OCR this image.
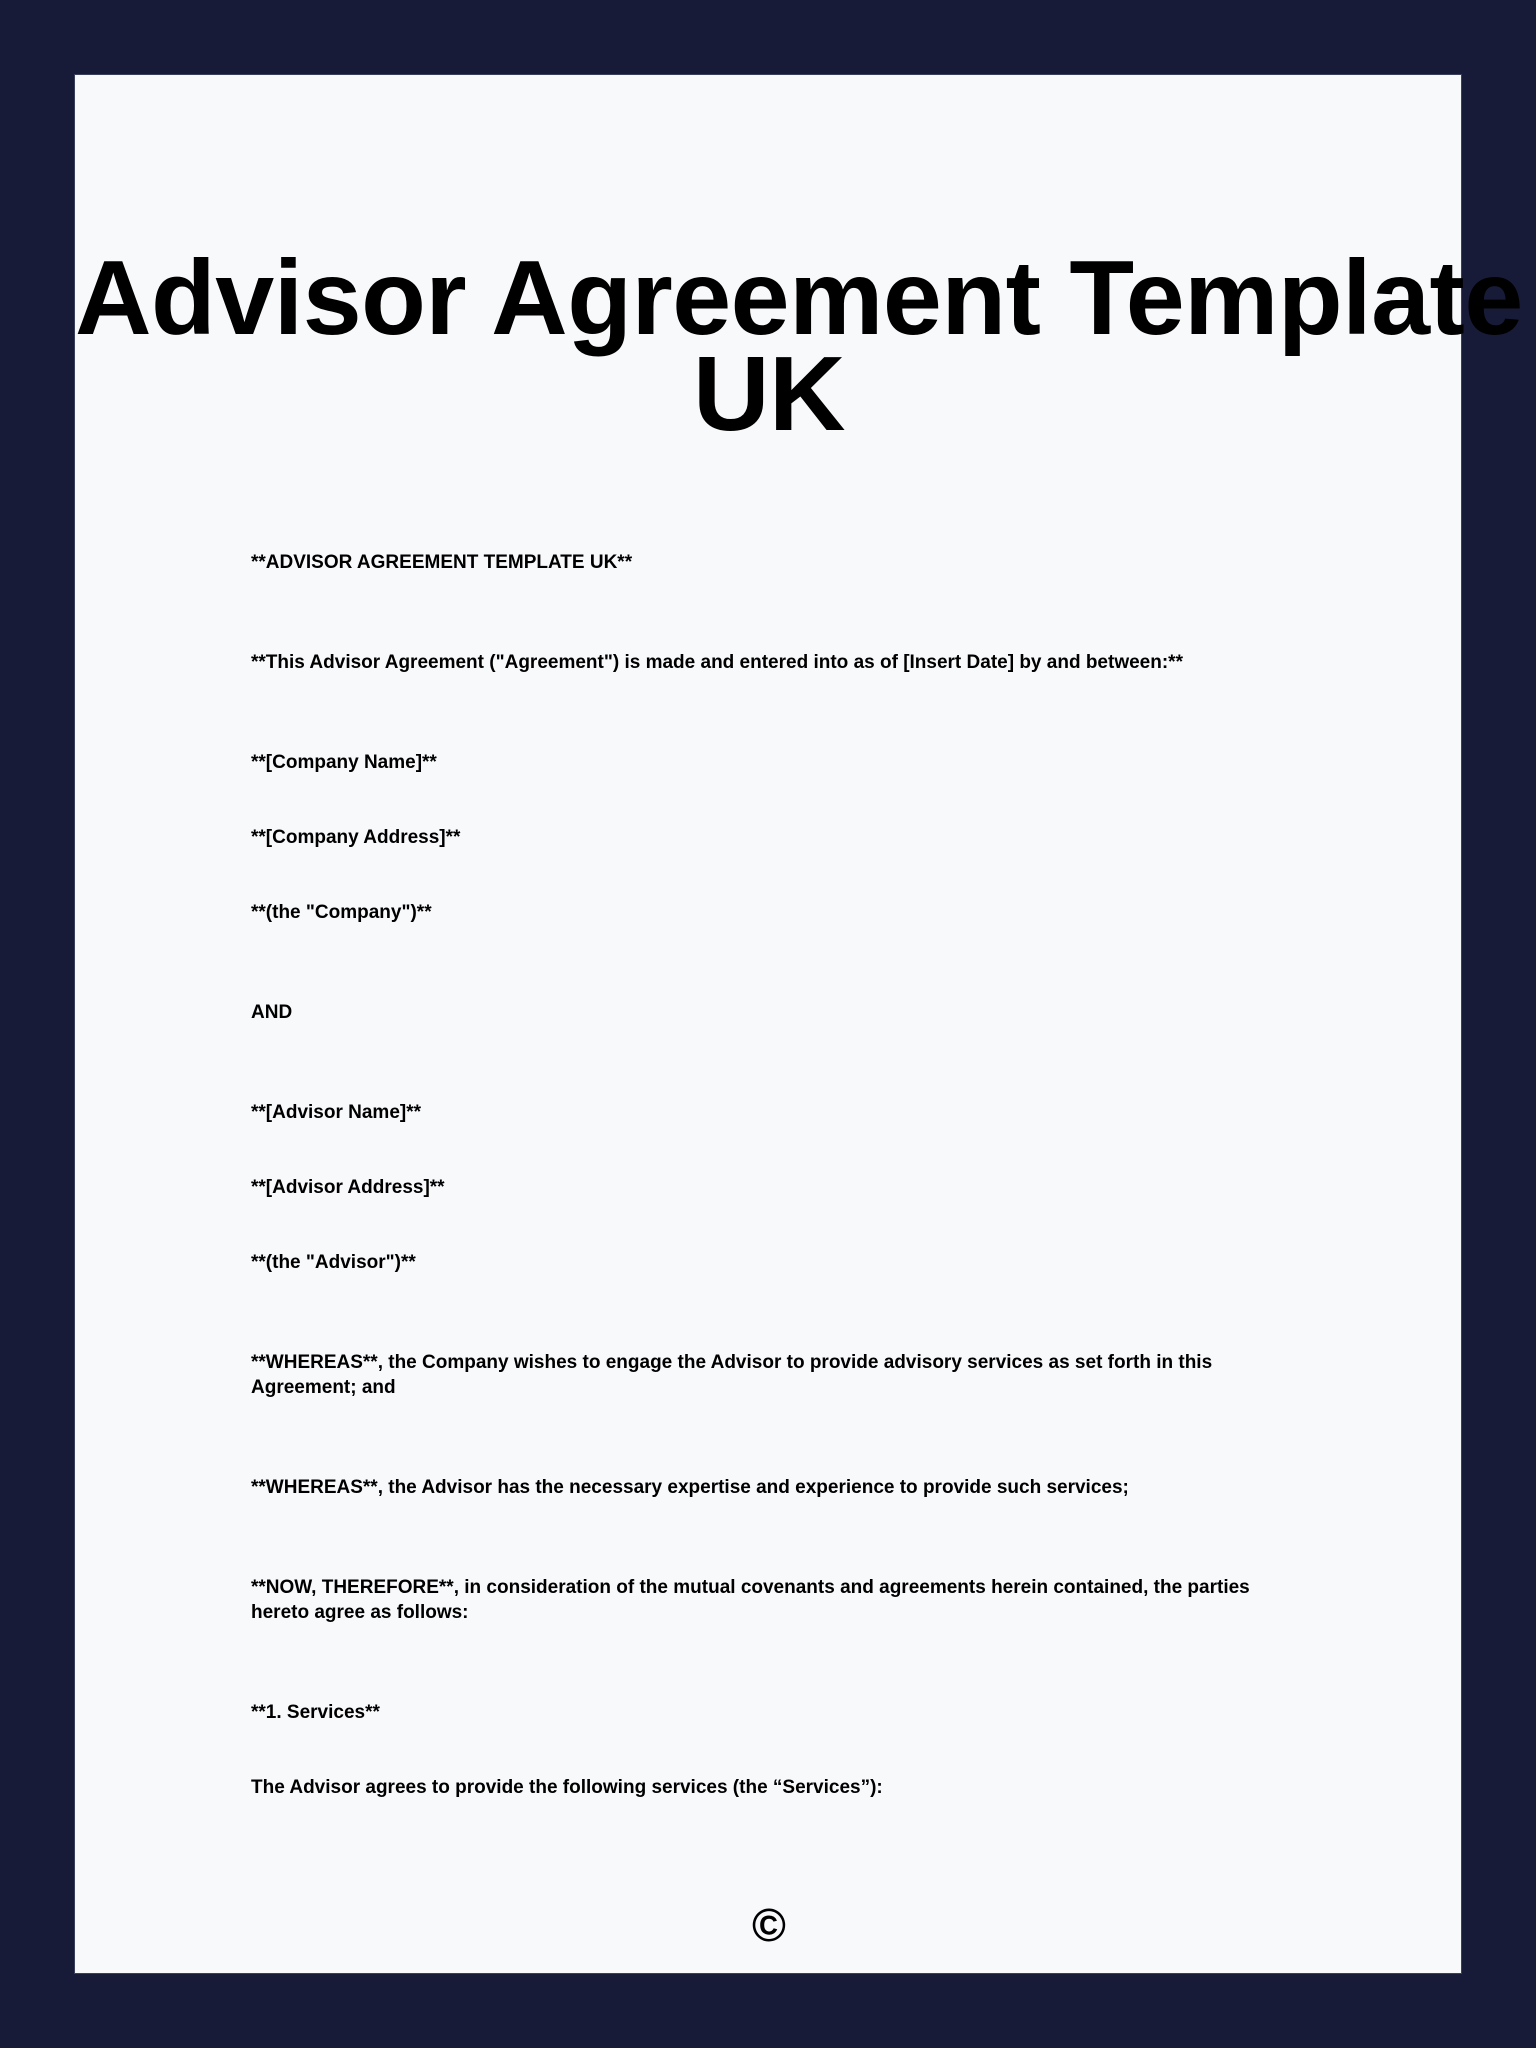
Advisor Agreement Template
UK

**ADVISOR AGREEMENT TEMPLATE UK**

**This Advisor Agreement ("Agreement") is made and entered into as of [Insert Date] by and between:**

**[Company Name]**

**[Company Address]**

**(the "Company")**

AND

**[Advisor Name]**

**[Advisor Address]**

**(the "Advisor")**

**WHEREAS**, the Company wishes to engage the Advisor to provide advisory services as set forth in this Agreement; and

**WHEREAS**, the Advisor has the necessary expertise and experience to provide such services;

**NOW, THEREFORE**, in consideration of the mutual covenants and agreements herein contained, the parties hereto agree as follows:

**1. Services**

The Advisor agrees to provide the following services (the “Services”):

©
